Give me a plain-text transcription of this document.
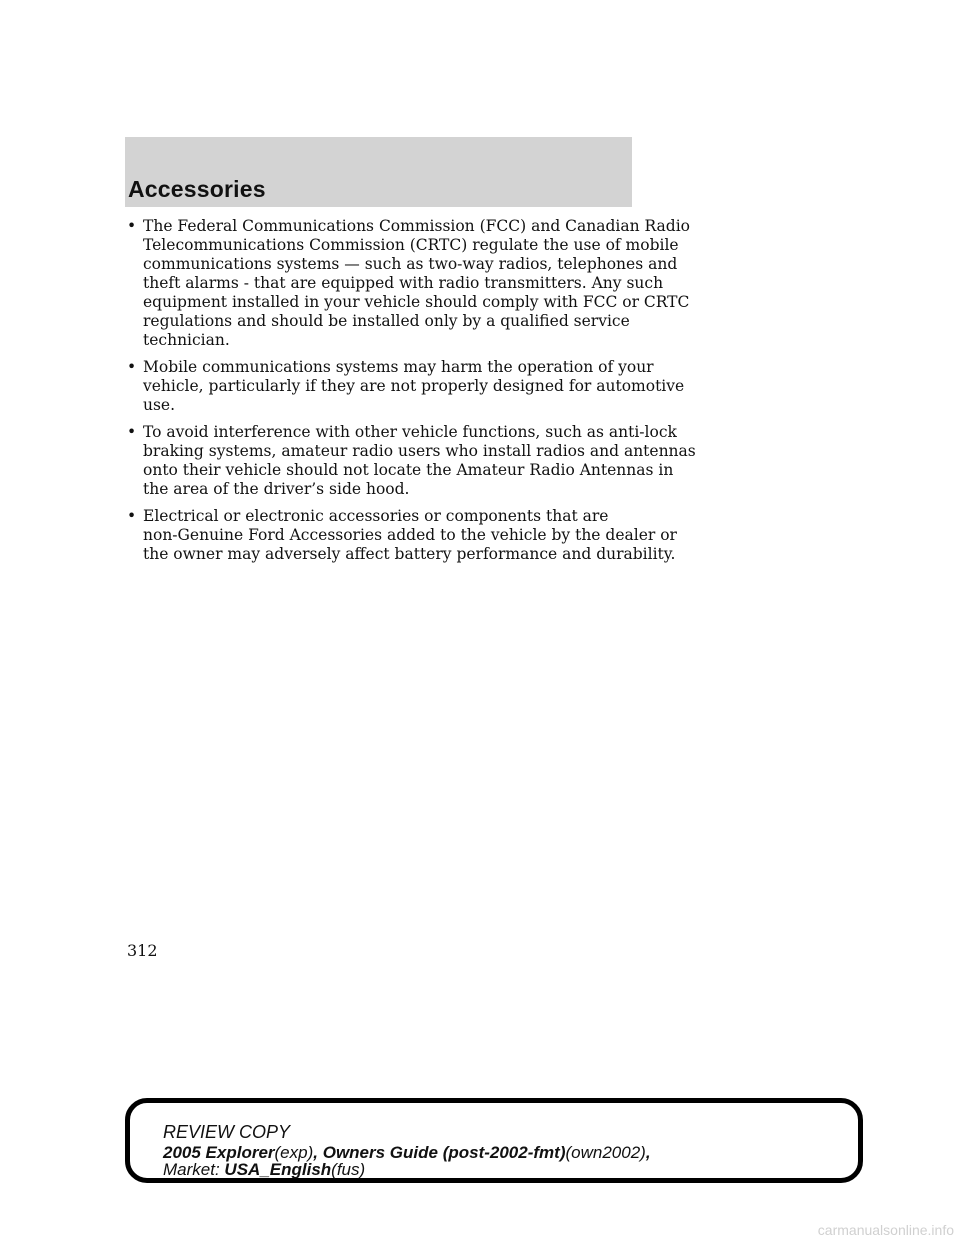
Accessories
• The Federal Communications Commission (FCC) and Canadian Radio
Telecommunications Commission (CRTC) regulate the use of mobile
communications systems — such as two-way radios, telephones and
theft alarms - that are equipped with radio transmitters. Any such
equipment installed in your vehicle should comply with FCC or CRTC
regulations and should be installed only by a qualified service
technician.
• Mobile communications systems may harm the operation of your
vehicle, particularly if they are not properly designed for automotive
use.
• To avoid interference with other vehicle functions, such as anti-lock
braking systems, amateur radio users who install radios and antennas
onto their vehicle should not locate the Amateur Radio Antennas in
the area of the driver’s side hood.
• Electrical or electronic accessories or components that are
non-Genuine Ford Accessories added to the vehicle by the dealer or
the owner may adversely affect battery performance and durability.
312
REVIEW COPY
2005 Explorer(exp), Owners Guide (post-2002-fmt)(own2002),
Market: USA_English(fus)
carmanualsonline.info
